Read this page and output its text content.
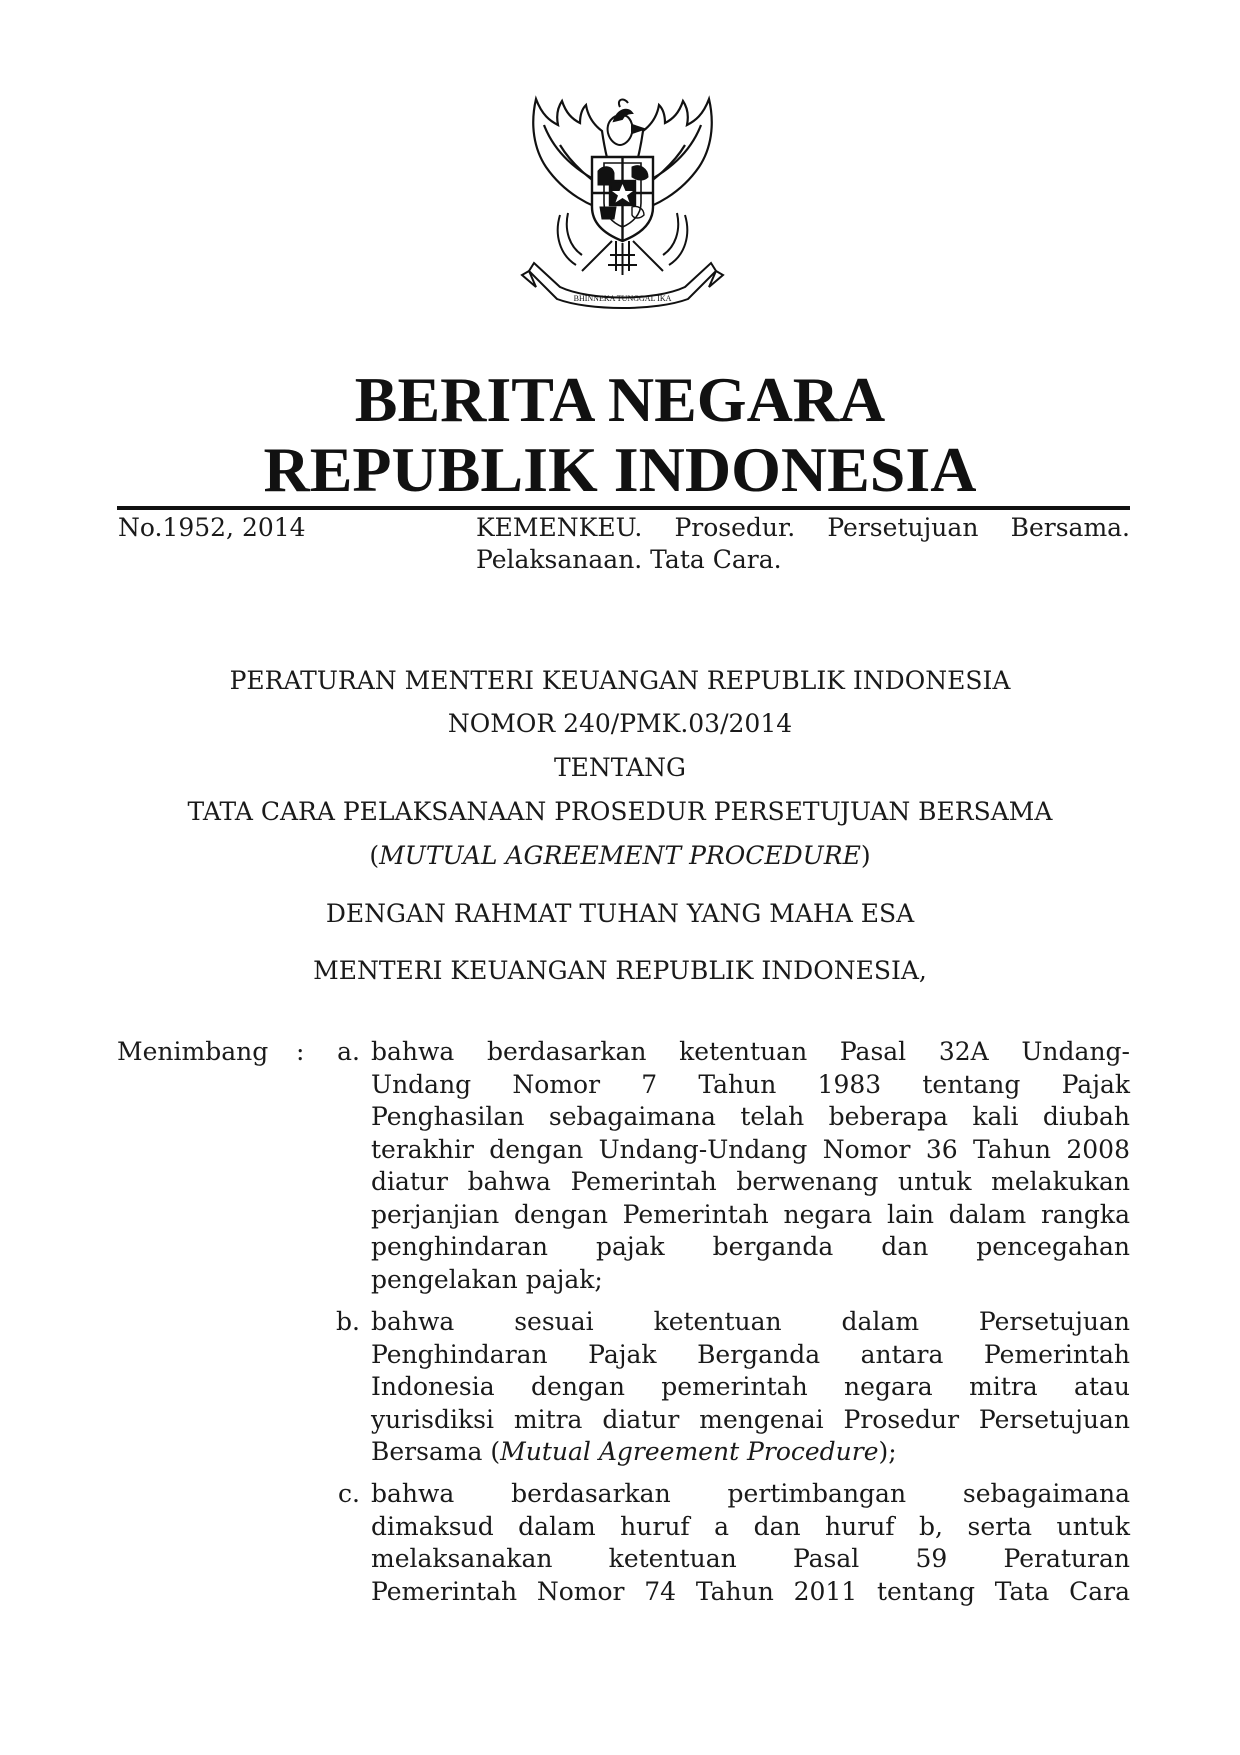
BHINNEKA TUNGGAL IKA
BERITA NEGARA
REPUBLIK INDONESIA
No.1952, 2014	KEMENKEU. Prosedur. Persetujuan Bersama.
Pelaksanaan. Tata Cara.
PERATURAN MENTERI KEUANGAN REPUBLIK INDONESIA
NOMOR 240/PMK.03/2014
TENTANG
TATA CARA PELAKSANAAN PROSEDUR PERSETUJUAN BERSAMA
(MUTUAL AGREEMENT PROCEDURE)
DENGAN RAHMAT TUHAN YANG MAHA ESA
MENTERI KEUANGAN REPUBLIK INDONESIA,
Menimbang :	a. bahwa berdasarkan ketentuan Pasal 32A Undang-
Undang Nomor 7 Tahun 1983 tentang Pajak
Penghasilan sebagaimana telah beberapa kali diubah
terakhir dengan Undang-Undang Nomor 36 Tahun 2008
diatur bahwa Pemerintah berwenang untuk melakukan
perjanjian dengan Pemerintah negara lain dalam rangka
penghindaran pajak berganda dan pencegahan
pengelakan pajak;
b. bahwa sesuai ketentuan dalam Persetujuan
Penghindaran Pajak Berganda antara Pemerintah
Indonesia dengan pemerintah negara mitra atau
yurisdiksi mitra diatur mengenai Prosedur Persetujuan
Bersama (Mutual Agreement Procedure);
c. bahwa berdasarkan pertimbangan sebagaimana
dimaksud dalam huruf a dan huruf b, serta untuk
melaksanakan ketentuan Pasal 59 Peraturan
Pemerintah Nomor 74 Tahun 2011 tentang Tata Cara
